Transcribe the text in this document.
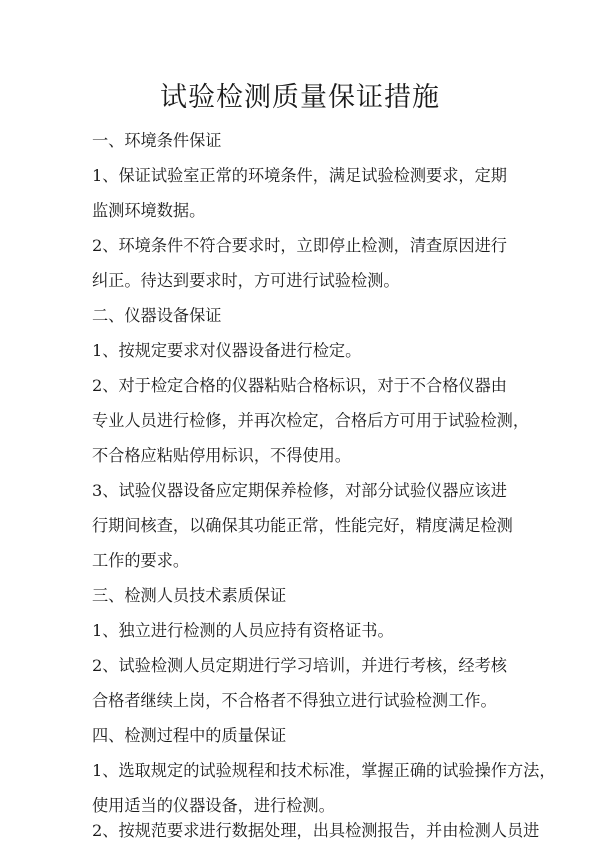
试验检测质量保证措施
一、环境条件保证
1、保证试验室正常的环境条件，满足试验检测要求，定期
监测环境数据。
2、环境条件不符合要求时，立即停止检测，清查原因进行
纠正。待达到要求时，方可进行试验检测。
二、仪器设备保证
1、按规定要求对仪器设备进行检定。
2、对于检定合格的仪器粘贴合格标识，对于不合格仪器由
专业人员进行检修，并再次检定，合格后方可用于试验检测，
不合格应粘贴停用标识，不得使用。
3、试验仪器设备应定期保养检修，对部分试验仪器应该进
行期间核查，以确保其功能正常，性能完好，精度满足检测
工作的要求。
三、检测人员技术素质保证
1、独立进行检测的人员应持有资格证书。
2、试验检测人员定期进行学习培训，并进行考核，经考核
合格者继续上岗，不合格者不得独立进行试验检测工作。
四、检测过程中的质量保证
1、选取规定的试验规程和技术标准，掌握正确的试验操作方法，
使用适当的仪器设备，进行检测。
2、按规范要求进行数据处理，出具检测报告，并由检测人员进
